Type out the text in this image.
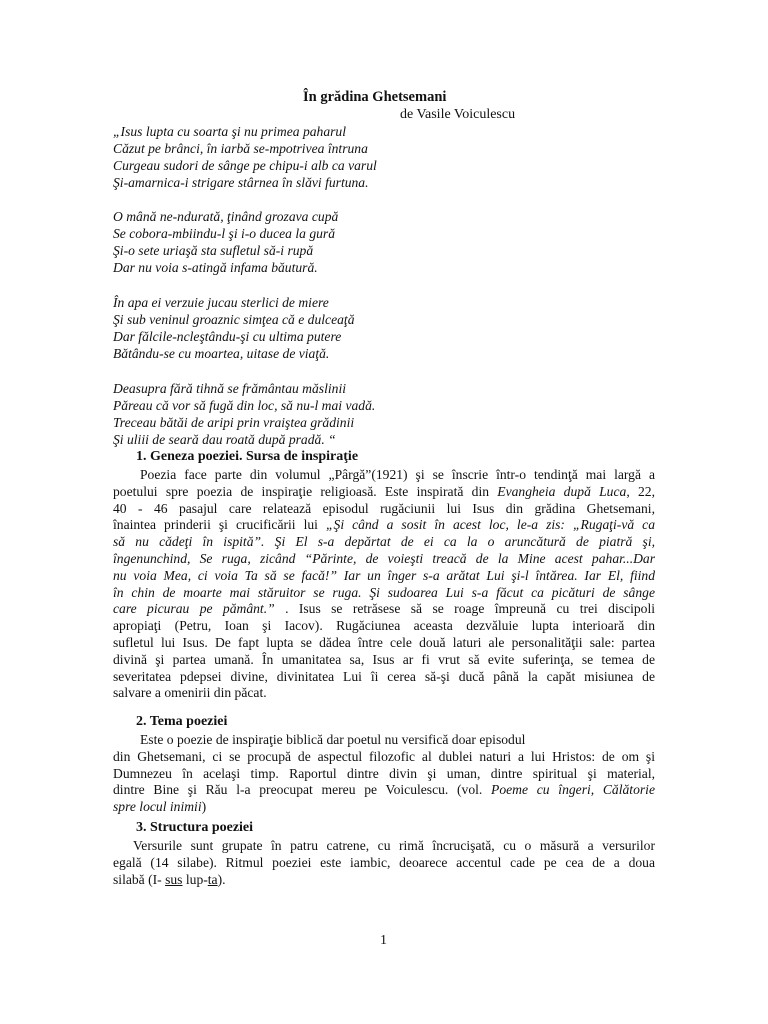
În grădina Ghetsemani
de Vasile Voiculescu
„Isus lupta cu soarta şi nu primea paharul
Căzut pe brânci, în iarbă se-mpotrivea întruna
Curgeau sudori de sânge pe chipu-i alb ca varul
Şi-amarnica-i strigare stârnea în slăvi furtuna.
O mână ne-ndurată, ţinând grozava cupă
Se cobora-mbiindu-l şi i-o ducea la gură
Şi-o sete uriaşă sta sufletul să-i rupă
Dar nu voia s-atingă infama băutură.
În apa ei verzuie jucau sterlici de miere
Şi sub veninul groaznic simţea că e dulceaţă
Dar fălcile-ncleştându-şi cu ultima putere
Bătându-se cu moartea, uitase de viaţă.
Deasupra fără tihnă se frământau măslinii
Păreau că vor să fugă din loc, să nu-l mai vadă.
Treceau bătăi de aripi prin vraiştea grădinii
Şi uliii de seară dau roată după pradă. “
1. Geneza poeziei. Sursa de inspiraţie
Poezia face parte din volumul „Pârgă”(1921) şi se înscrie într-o tendinţă mai largă a
poetului spre poezia de inspiraţie religioasă. Este inspirată din Evangheia după Luca, 22,
40 - 46 pasajul care relatează episodul rugăciunii lui Isus din grădina Ghetsemani,
înaintea prinderii şi crucificării lui „Şi când a sosit în acest loc, le-a zis: „Rugaţi-vă ca
să nu cădeţi în ispită”. Şi El s-a depărtat de ei ca la o aruncătură de piatră şi,
îngenunchind, Se ruga, zicând “Părinte, de voieşti treacă de la Mine acest pahar...Dar
nu voia Mea, ci voia Ta să se facă!” Iar un înger s-a arătat Lui şi-l întărea. Iar El, fiind
în chin de moarte mai stăruitor se ruga. Şi sudoarea Lui s-a făcut ca picături de sânge
care picurau pe pământ.” . Isus se retrăsese să se roage împreună cu trei discipoli
apropiaţi (Petru, Ioan şi Iacov). Rugăciunea aceasta dezvăluie lupta interioară din
sufletul lui Isus. De fapt lupta se dădea între cele două laturi ale personalităţii sale: partea
divină şi partea umană. În umanitatea sa, Isus ar fi vrut să evite suferinţa, se temea de
severitatea pdepsei divine, divinitatea Lui îi cerea să-şi ducă până la capăt misiunea de
salvare a omenirii din păcat.
2. Tema poeziei
Este o poezie de inspiraţie biblică dar poetul nu versifică doar episodul
din Ghetsemani, ci se procupă de aspectul filozofic al dublei naturi a lui Hristos: de om şi
Dumnezeu în acelaşi timp. Raportul dintre divin şi uman, dintre spiritual şi material,
dintre Bine şi Rău l-a preocupat mereu pe Voiculescu. (vol. Poeme cu îngeri, Călătorie
spre locul inimii)
3. Structura poeziei
Versurile sunt grupate în patru catrene, cu rimă încrucişată, cu o măsură a versurilor
egală (14 silabe). Ritmul poeziei este iambic, deoarece accentul cade pe cea de a doua
silabă (I- sus lup-ta).
1
